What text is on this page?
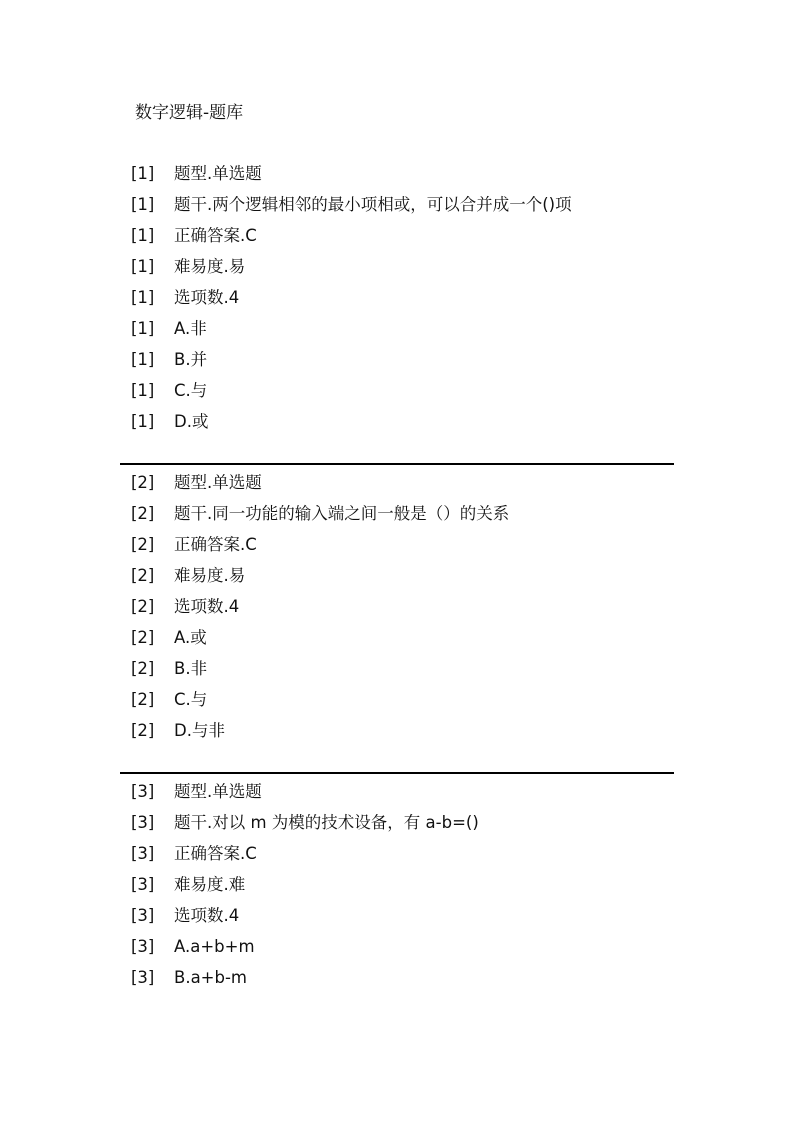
数字逻辑-题库
[1] 题型.单选题
[1] 题干.两个逻辑相邻的最小项相或，可以合并成一个()项
[1] 正确答案.C
[1] 难易度.易
[1] 选项数.4
[1] A.非
[1] B.并
[1] C.与
[1] D.或
[2] 题型.单选题
[2] 题干.同一功能的输入端之间一般是（）的关系
[2] 正确答案.C
[2] 难易度.易
[2] 选项数.4
[2] A.或
[2] B.非
[2] C.与
[2] D.与非
[3] 题型.单选题
[3] 题干.对以 m 为模的技术设备，有 a-b=()
[3] 正确答案.C
[3] 难易度.难
[3] 选项数.4
[3] A.a+b+m
[3] B.a+b-m
